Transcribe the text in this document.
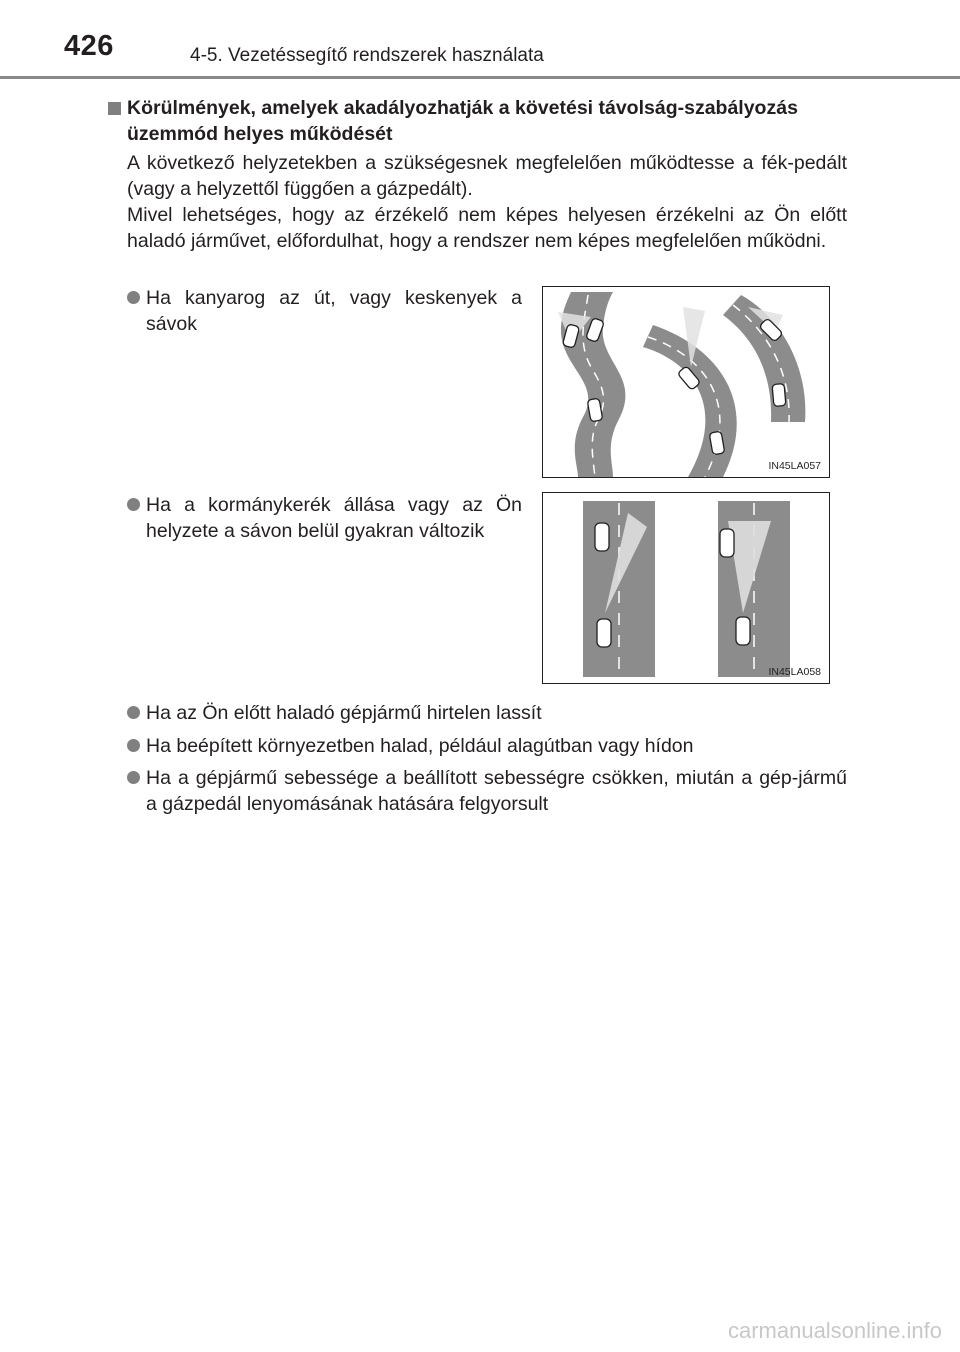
426	4-5. Vezetéssegítő rendszerek használata
Körülmények, amelyek akadályozhatják a követési távolság-szabályozás üzemmód helyes működését
A következő helyzetekben a szükségesnek megfelelően működtesse a fék-pedált (vagy a helyzettől függően a gázpedált).
Mivel lehetséges, hogy az érzékelő nem képes helyesen érzékelni az Ön előtt haladó járművet, előfordulhat, hogy a rendszer nem képes megfelelően működni.
Ha kanyarog az út, vagy keskenyek a sávok
Ha a kormánykerék állása vagy az Ön helyzete a sávon belül gyakran változik
Ha az Ön előtt haladó gépjármű hirtelen lassít
Ha beépített környezetben halad, például alagútban vagy hídon
Ha a gépjármű sebessége a beállított sebességre csökken, miután a gép-jármű a gázpedál lenyomásának hatására felgyorsult
IN45LA057
IN45LA058
carmanualsonline.info
